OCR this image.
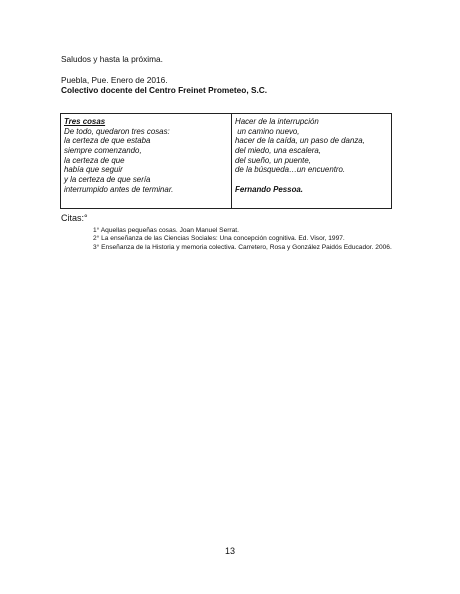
Saludos y hasta la próxima.
Puebla, Pue. Enero de 2016.
Colectivo docente del Centro Freinet Prometeo, S.C.
Tres cosas
De todo, quedaron tres cosas:
la certeza de que estaba
siempre comenzando,
la certeza de que
había que seguir
y la certeza de que sería
interrumpido antes de terminar.
Hacer de la interrupción
un camino nuevo,
hacer de la caída, un paso de danza,
del miedo, una escalera,
del sueño, un puente,
de la búsqueda…un encuentro.
Fernando Pessoa.
Citas:°
1° Aquellas pequeñas cosas. Joan Manuel Serrat.
2° La enseñanza de las Ciencias Sociales: Una concepción cognitiva. Ed. Visor, 1997.
3° Enseñanza de la Historia y memoria colectiva. Carretero, Rosa y González Paidós Educador. 2006.
13
